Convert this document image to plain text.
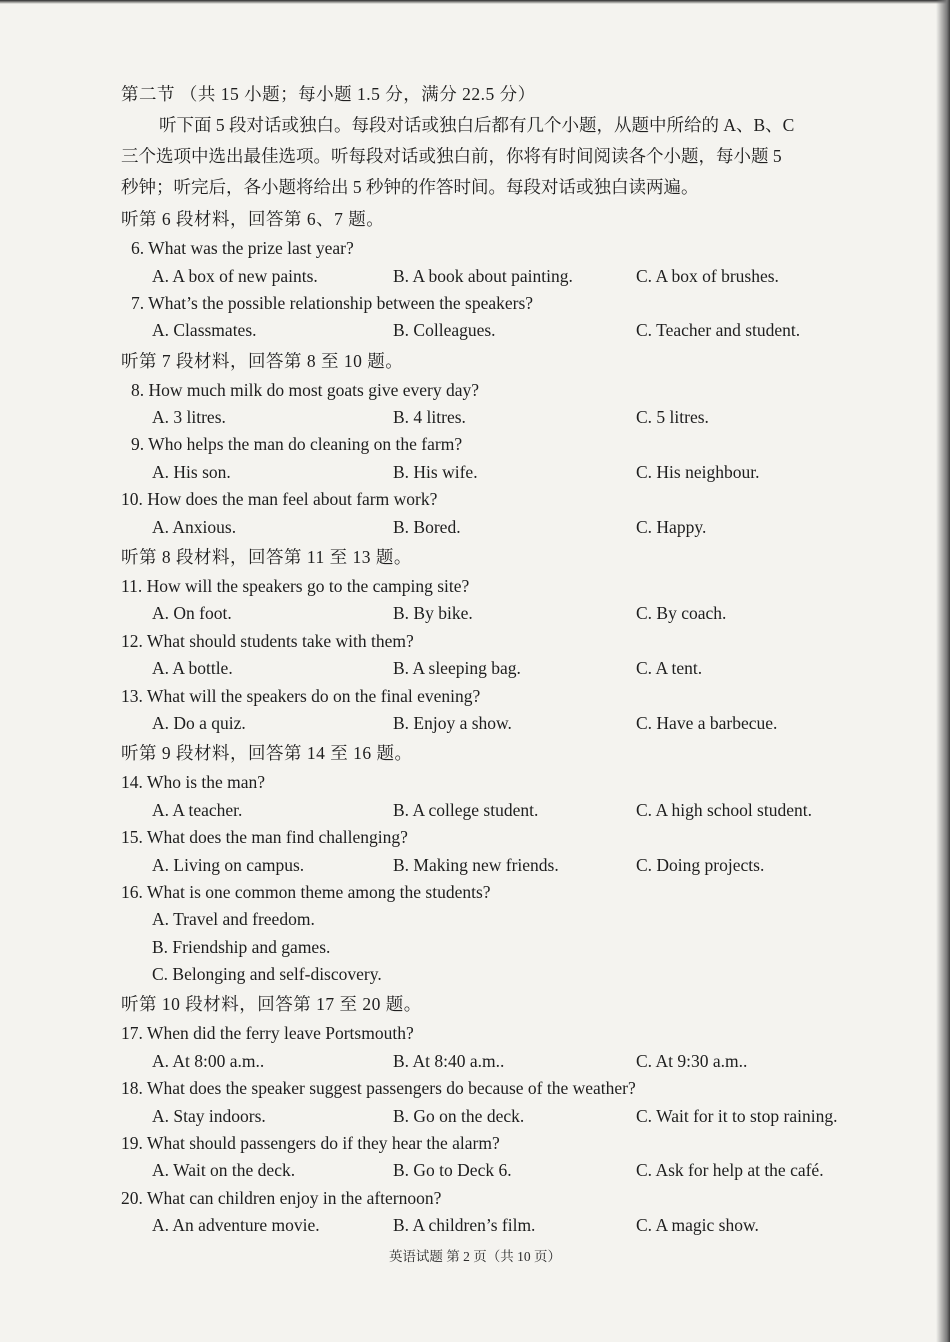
第二节 （共 15 小题；每小题 1.5 分，满分 22.5 分）
听下面 5 段对话或独白。每段对话或独白后都有几个小题，从题中所给的 A、B、C
三个选项中选出最佳选项。听每段对话或独白前，你将有时间阅读各个小题，每小题 5
秒钟；听完后，各小题将给出 5 秒钟的作答时间。每段对话或独白读两遍。
听第 6 段材料，回答第 6、7 题。
6. What was the prize last year?
A. A box of new paints.	B. A book about painting.	C. A box of brushes.
7. What’s the possible relationship between the speakers?
A. Classmates.	B. Colleagues.	C. Teacher and student.
听第 7 段材料，回答第 8 至 10 题。
8. How much milk do most goats give every day?
A. 3 litres.	B. 4 litres.	C. 5 litres.
9. Who helps the man do cleaning on the farm?
A. His son.	B. His wife.	C. His neighbour.
10. How does the man feel about farm work?
A. Anxious.	B. Bored.	C. Happy.
听第 8 段材料，回答第 11 至 13 题。
11. How will the speakers go to the camping site?
A. On foot.	B. By bike.	C. By coach.
12. What should students take with them?
A. A bottle.	B. A sleeping bag.	C. A tent.
13. What will the speakers do on the final evening?
A. Do a quiz.	B. Enjoy a show.	C. Have a barbecue.
听第 9 段材料，回答第 14 至 16 题。
14. Who is the man?
A. A teacher.	B. A college student.	C. A high school student.
15. What does the man find challenging?
A. Living on campus.	B. Making new friends.	C. Doing projects.
16. What is one common theme among the students?
A. Travel and freedom.
B. Friendship and games.
C. Belonging and self-discovery.
听第 10 段材料，回答第 17 至 20 题。
17. When did the ferry leave Portsmouth?
A. At 8:00 a.m..	B. At 8:40 a.m..	C. At 9:30 a.m..
18. What does the speaker suggest passengers do because of the weather?
A. Stay indoors.	B. Go on the deck.	C. Wait for it to stop raining.
19. What should passengers do if they hear the alarm?
A. Wait on the deck.	B. Go to Deck 6.	C. Ask for help at the café.
20. What can children enjoy in the afternoon?
A. An adventure movie.	B. A children’s film.	C. A magic show.
英语试题 第 2 页（共 10 页）
